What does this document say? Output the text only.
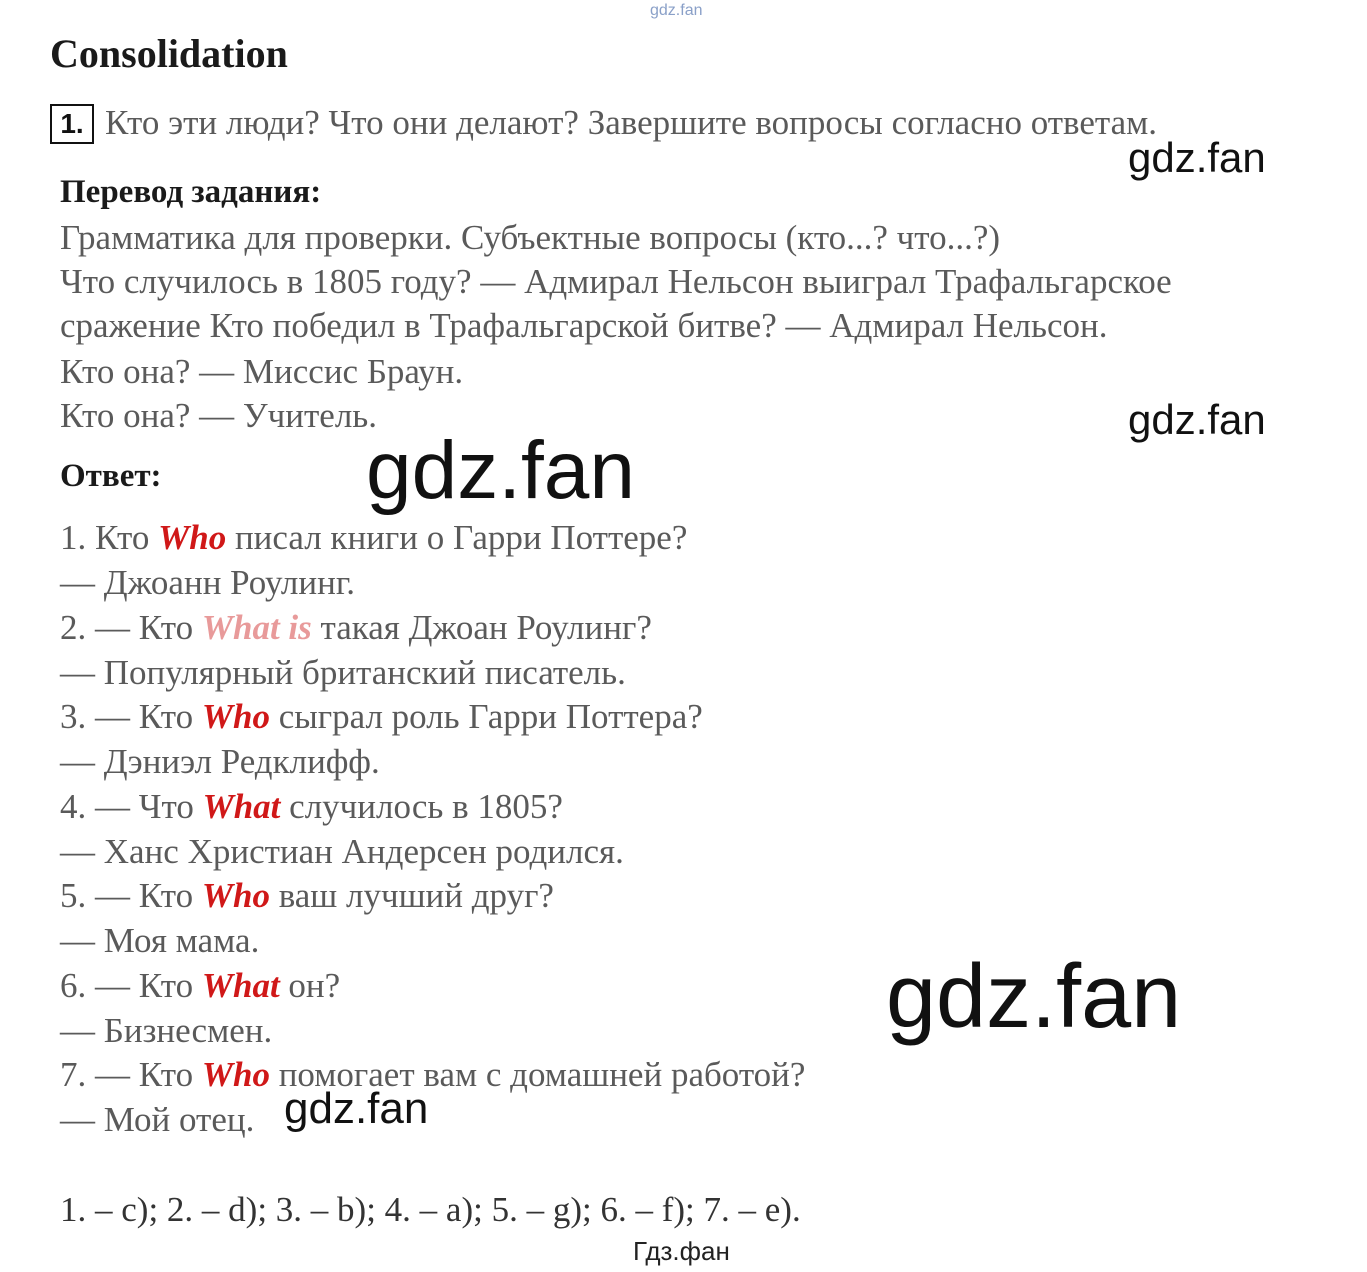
gdz.fan
Consolidation
1. Кто эти люди? Что они делают? Завершите вопросы согласно ответам.
gdz.fan
Перевод задания:
Грамматика для проверки. Субъектные вопросы (кто...? что...?)
Что случилось в 1805 году? — Адмирал Нельсон выиграл Трафальгарское
сражение Кто победил в Трафальгарской битве? — Адмирал Нельсон.
Кто она? — Миссис Браун.
Кто она? — Учитель.	gdz.fan
Ответ: gdz.fan
1. Кто Who писал книги о Гарри Поттере?
— Джоанн Роулинг.
2. — Кто What is такая Джоан Роулинг?
— Популярный британский писатель.
3. — Кто Who сыграл роль Гарри Поттера?
— Дэниэл Редклифф.
4. — Что What случилось в 1805?
— Ханс Христиан Андерсен родился.
5. — Кто Who ваш лучший друг?
— Моя мама.
6. — Кто What он?
— Бизнесмен.
7. — Кто Who помогает вам с домашней работой?
— Мой отец.
gdz.fan
gdz.fan
1. – c); 2. – d); 3. – b); 4. – a); 5. – g); 6. – f); 7. – e).
Гдз.фан
